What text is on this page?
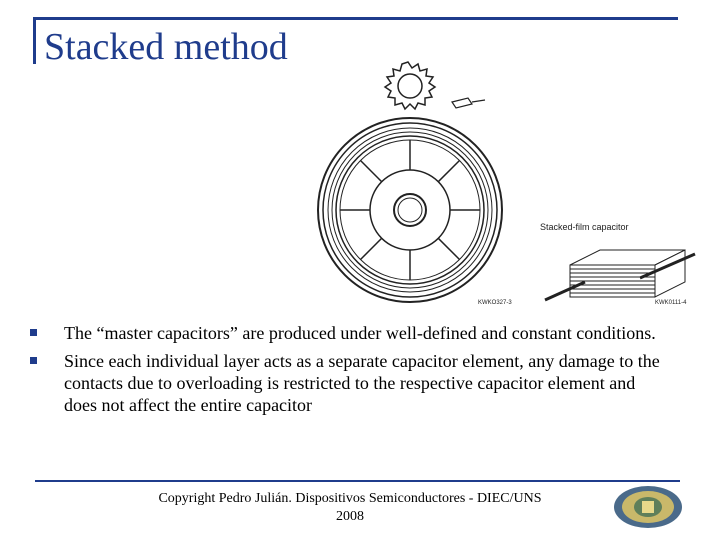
Stacked method
Stacked-film capacitor
KWKO327-3	KWK0111-4
The “master capacitors” are produced under well-defined and constant conditions.
Since each individual layer acts as a separate capacitor element, any damage to the contacts due to overloading is restricted to the respective capacitor element and does not affect the entire capacitor
Copyright Pedro Julián. Dispositivos Semiconductores - DIEC/UNS
2008
